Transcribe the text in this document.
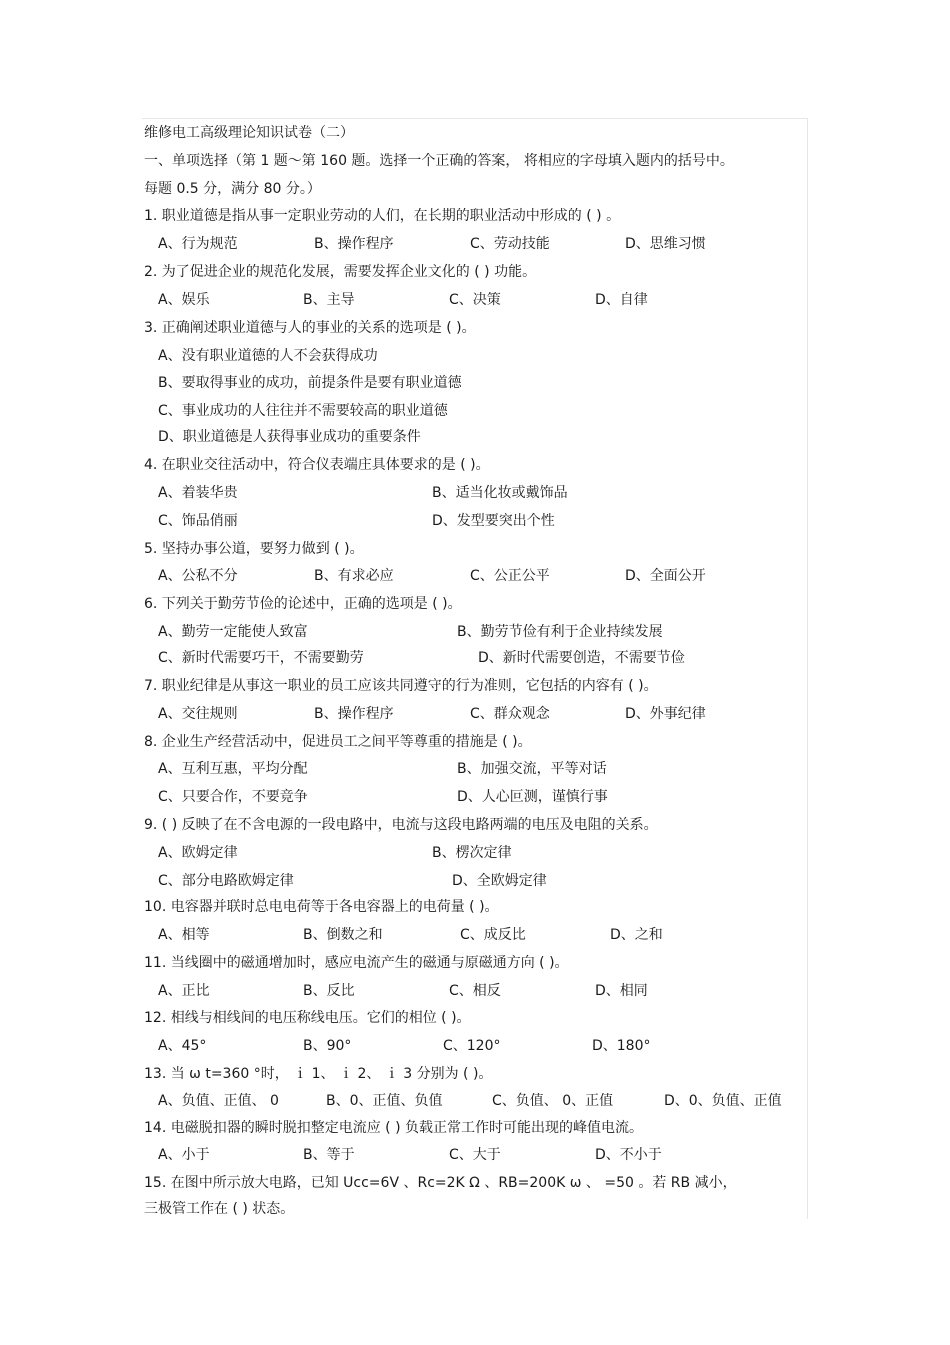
维修电工高级理论知识试卷（二）
一、单项选择（第 1 题～第 160 题。选择一个正确的答案， 将相应的字母填入题内的括号中。
每题 0.5 分，满分 80 分。）
1. 职业道德是指从事一定职业劳动的人们，在长期的职业活动中形成的 ( ) 。
A、行为规范	B、操作程序	C、劳动技能	D、思维习惯
2. 为了促进企业的规范化发展，需要发挥企业文化的 ( ) 功能。
A、娱乐	B、主导	C、决策	D、自律
3. 正确阐述职业道德与人的事业的关系的选项是 ( )。
A、没有职业道德的人不会获得成功
B、要取得事业的成功，前提条件是要有职业道德
C、事业成功的人往往并不需要较高的职业道德
D、职业道德是人获得事业成功的重要条件
4. 在职业交往活动中，符合仪表端庄具体要求的是 ( )。
A、着装华贵	B、适当化妆或戴饰品
C、饰品俏丽	D、发型要突出个性
5. 坚持办事公道，要努力做到 ( )。
A、公私不分	B、有求必应	C、公正公平	D、全面公开
6. 下列关于勤劳节俭的论述中，正确的选项是 ( )。
A、勤劳一定能使人致富	B、勤劳节俭有利于企业持续发展
C、新时代需要巧干，不需要勤劳	D、新时代需要创造，不需要节俭
7. 职业纪律是从事这一职业的员工应该共同遵守的行为准则，它包括的内容有 ( )。
A、交往规则	B、操作程序	C、群众观念	D、外事纪律
8. 企业生产经营活动中，促进员工之间平等尊重的措施是 ( )。
A、互利互惠，平均分配	B、加强交流，平等对话
C、只要合作，不要竞争	D、人心叵测，谨慎行事
9. ( ) 反映了在不含电源的一段电路中，电流与这段电路两端的电压及电阻的关系。
A、欧姆定律	B、楞次定律
C、部分电路欧姆定律	D、全欧姆定律
10. 电容器并联时总电电荷等于各电容器上的电荷量 ( )。
A、相等	B、倒数之和	C、成反比	D、之和
11. 当线圈中的磁通增加时，感应电流产生的磁通与原磁通方向 ( )。
A、正比	B、反比	C、相反	D、相同
12. 相线与相线间的电压称线电压。它们的相位 ( )。
A、45°	B、90°	C、120°	D、180°
13. 当 ω t=360 °时， ｉ 1、 ｉ 2、 ｉ 3 分别为 ( )。
A、负值、正值、 0	B、0、正值、负值	C、负值、 0、正值	D、0、负值、正值
14. 电磁脱扣器的瞬时脱扣整定电流应 ( ) 负载正常工作时可能出现的峰值电流。
A、小于	B、等于	C、大于	D、不小于
15. 在图中所示放大电路，已知 Ucc=6V 、Rc=2K Ω 、RB=200K ω 、 =50 。若 RB 减小，
三极管工作在 ( ) 状态。
